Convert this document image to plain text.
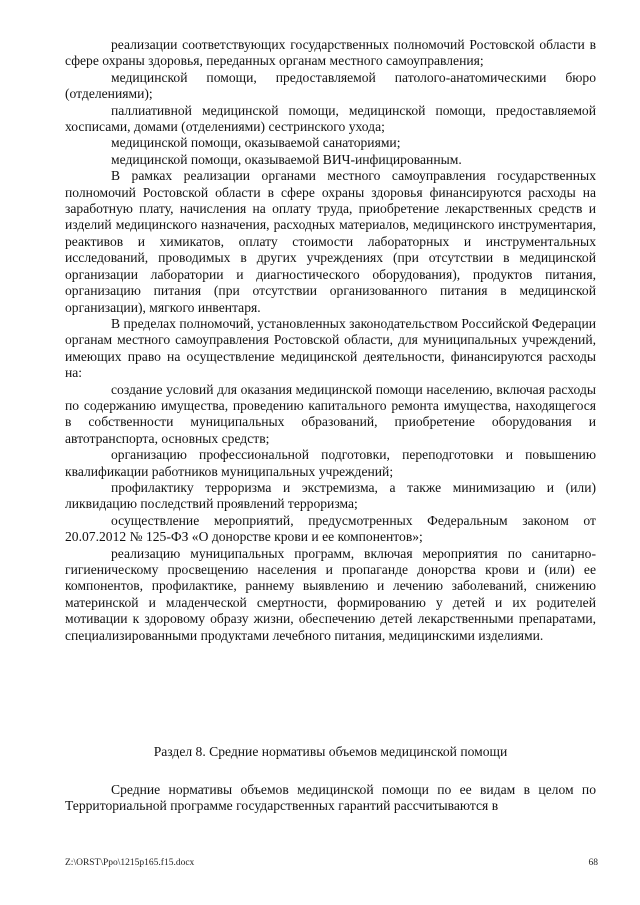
реализации соответствующих государственных полномочий Ростовской области в сфере охраны здоровья, переданных органам местного самоуправления;

медицинской помощи, предоставляемой патолого-анатомическими бюро (отделениями);

паллиативной медицинской помощи, медицинской помощи, предоставляемой хосписами, домами (отделениями) сестринского ухода;

медицинской помощи, оказываемой санаториями;

медицинской помощи, оказываемой ВИЧ-инфицированным.

В рамках реализации органами местного самоуправления государственных полномочий Ростовской области в сфере охраны здоровья финансируются расходы на заработную плату, начисления на оплату труда, приобретение лекарственных средств и изделий медицинского назначения, расходных материалов, медицинского инструментария, реактивов и химикатов, оплату стоимости лабораторных и инструментальных исследований, проводимых в других учреждениях (при отсутствии в медицинской организации лаборатории и диагностического оборудования), продуктов питания, организацию питания (при отсутствии организованного питания в медицинской организации), мягкого инвентаря.

В пределах полномочий, установленных законодательством Российской Федерации органам местного самоуправления Ростовской области, для муниципальных учреждений, имеющих право на осуществление медицинской деятельности, финансируются расходы на:

создание условий для оказания медицинской помощи населению, включая расходы по содержанию имущества, проведению капитального ремонта имущества, находящегося в собственности муниципальных образований, приобретение оборудования и автотранспорта, основных средств;

организацию профессиональной подготовки, переподготовки и повышению квалификации работников муниципальных учреждений;

профилактику терроризма и экстремизма, а также минимизацию и (или) ликвидацию последствий проявлений терроризма;

осуществление мероприятий, предусмотренных Федеральным законом от 20.07.2012 № 125-ФЗ «О донорстве крови и ее компонентов»;

реализацию муниципальных программ, включая мероприятия по санитарно-гигиеническому просвещению населения и пропаганде донорства крови и (или) ее компонентов, профилактике, раннему выявлению и лечению заболеваний, снижению материнской и младенческой смертности, формированию у детей и их родителей мотивации к здоровому образу жизни, обеспечению детей лекарственными препаратами, специализированными продуктами лечебного питания, медицинскими изделиями.

Раздел 8. Средние нормативы объемов медицинской помощи

Средние нормативы объемов медицинской помощи по ее видам в целом по Территориальной программе государственных гарантий рассчитываются в

Z:\ORST\Ppo\1215p165.f15.docx	68
